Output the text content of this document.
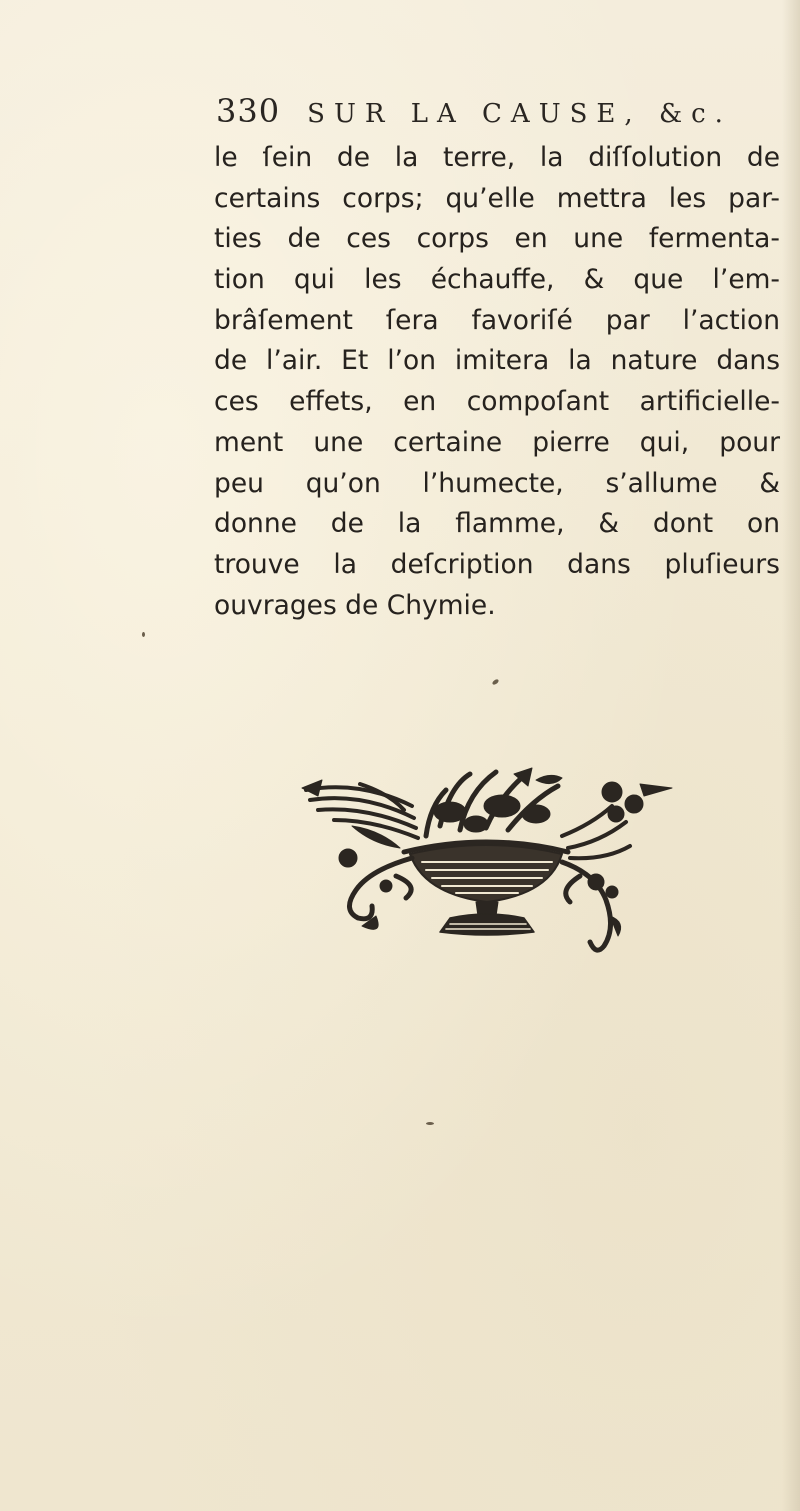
330 SUR LA CAUSE, &c.
le ſein de la terre, la diſſolution de
certains corps; qu’elle mettra les par-
ties de ces corps en une fermenta-
tion qui les échauffe, & que l’em-
brâſement ſera favoriſé par l’action
de l’air. Et l’on imitera la nature dans
ces effets, en compoſant artificielle-
ment une certaine pierre qui, pour
peu qu’on l’humecte, s’allume &
donne de la flamme, & dont on
trouve la deſcription dans pluſieurs
ouvrages de Chymie.
